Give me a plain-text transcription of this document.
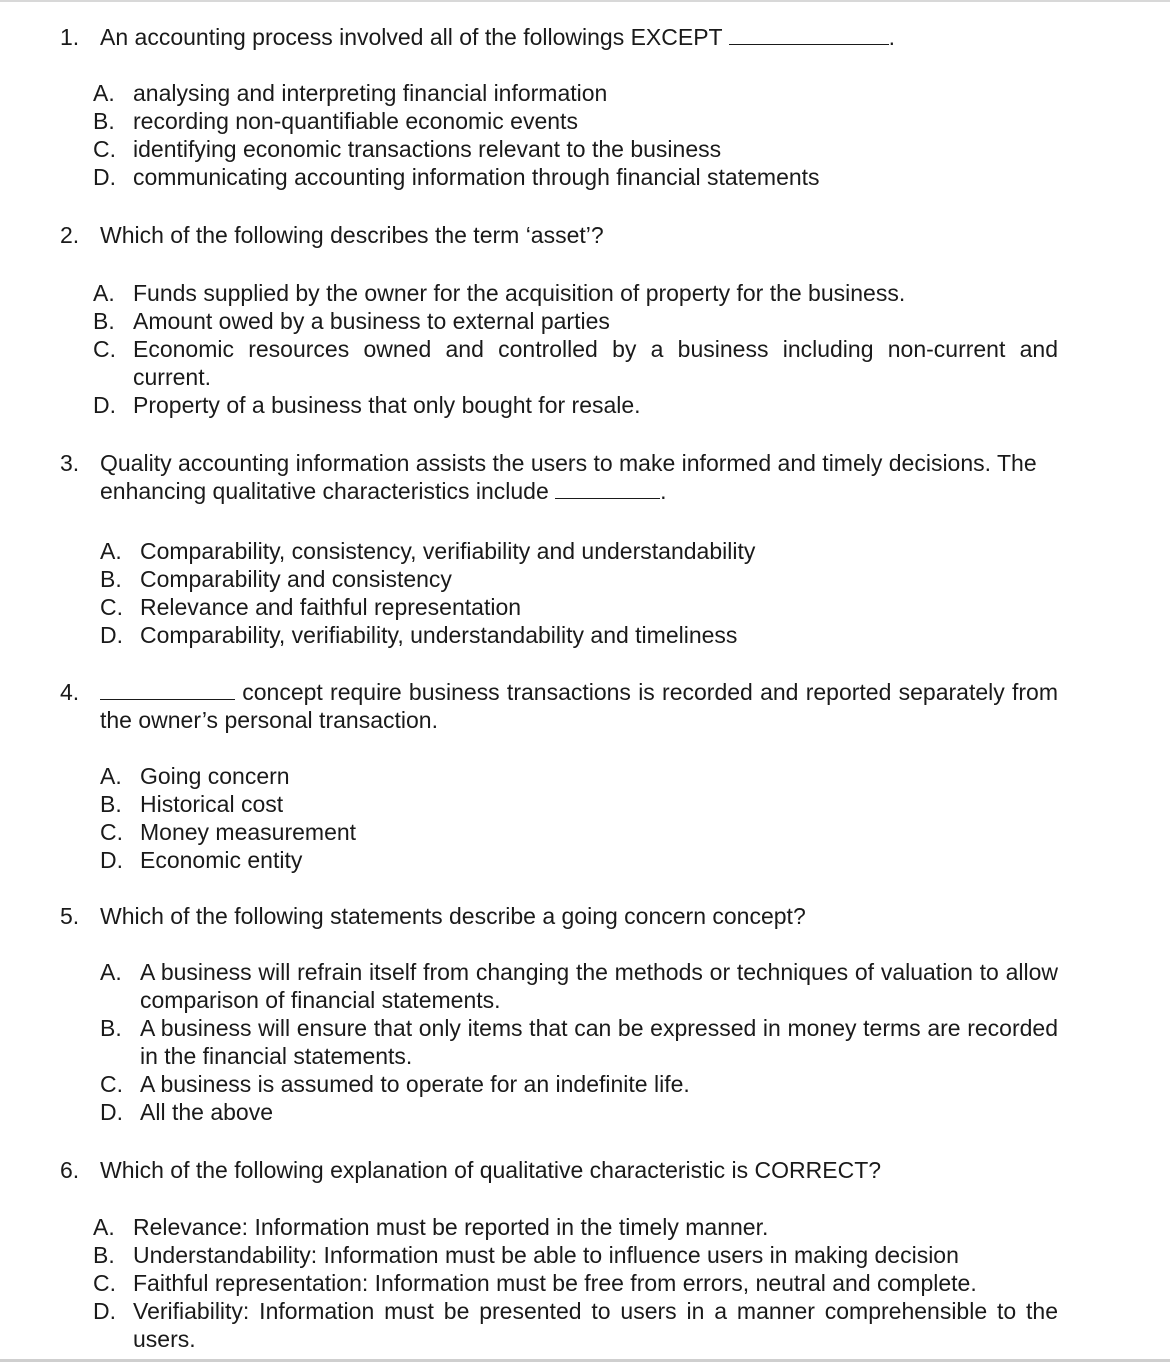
1. An accounting process involved all of the followings EXCEPT	.
A. analysing and interpreting financial information
B. recording non-quantifiable economic events
C. identifying economic transactions relevant to the business
D. communicating accounting information through financial statements
2. Which of the following describes the term ‘asset’?
A. Funds supplied by the owner for the acquisition of property for the business.
B. Amount owed by a business to external parties
C. Economic resources owned and controlled by a business including non-current and current.
D. Property of a business that only bought for resale.
3. Quality accounting information assists the users to make informed and timely decisions. The enhancing qualitative characteristics include	.
A. Comparability, consistency, verifiability and understandability
B. Comparability and consistency
C. Relevance and faithful representation
D. Comparability, verifiability, understandability and timeliness
4.	concept require business transactions is recorded and reported separately from the owner’s personal transaction.
A. Going concern
B. Historical cost
C. Money measurement
D. Economic entity
5. Which of the following statements describe a going concern concept?
A. A business will refrain itself from changing the methods or techniques of valuation to allow comparison of financial statements.
B. A business will ensure that only items that can be expressed in money terms are recorded in the financial statements.
C. A business is assumed to operate for an indefinite life.
D. All the above
6. Which of the following explanation of qualitative characteristic is CORRECT?
A. Relevance: Information must be reported in the timely manner.
B. Understandability: Information must be able to influence users in making decision
C. Faithful representation: Information must be free from errors, neutral and complete.
D. Verifiability: Information must be presented to users in a manner comprehensible to the users.
